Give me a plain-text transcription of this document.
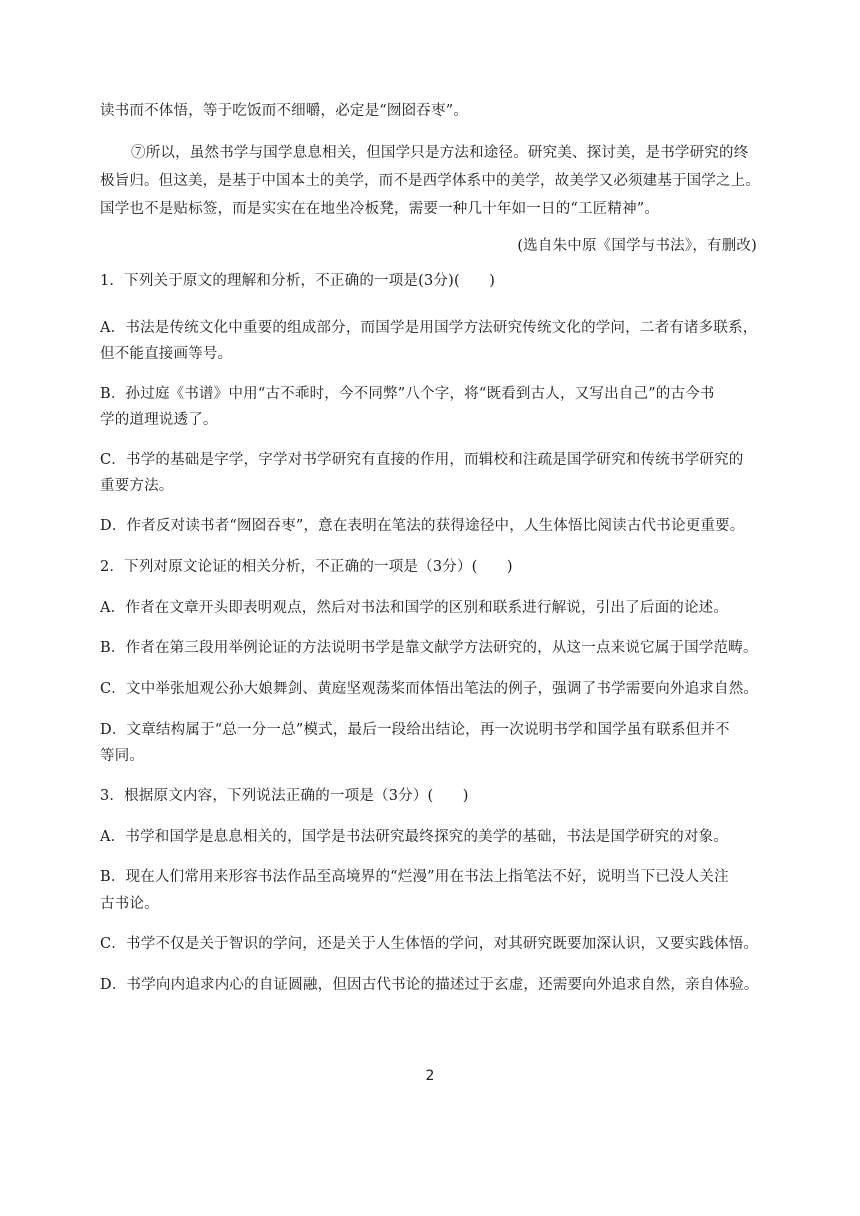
读书而不体悟，等于吃饭而不细嚼，必定是“囫囵吞枣”。
⑦所以，虽然书学与国学息息相关，但国学只是方法和途径。研究美、探讨美，是书学研究的终
极旨归。但这美，是基于中国本土的美学，而不是西学体系中的美学，故美学又必须建基于国学之上。
国学也不是贴标签，而是实实在在地坐冷板凳，需要一种几十年如一日的“工匠精神”。
(选自朱中原《国学与书法》，有删改)
1．下列关于原文的理解和分析，不正确的一项是(3分)(　　)
A．书法是传统文化中重要的组成部分，而国学是用国学方法研究传统文化的学问，二者有诸多联系，
但不能直接画等号。
B．孙过庭《书谱》中用“古不乖时，今不同弊”八个字，将“既看到古人，又写出自己”的古今书
学的道理说透了。
C．书学的基础是字学，字学对书学研究有直接的作用，而辑校和注疏是国学研究和传统书学研究的
重要方法。
D．作者反对读书者“囫囵吞枣”，意在表明在笔法的获得途径中，人生体悟比阅读古代书论更重要。
2．下列对原文论证的相关分析，不正确的一项是（3分）(　　)
A．作者在文章开头即表明观点，然后对书法和国学的区别和联系进行解说，引出了后面的论述。
B．作者在第三段用举例论证的方法说明书学是靠文献学方法研究的，从这一点来说它属于国学范畴。
C．文中举张旭观公孙大娘舞剑、黄庭坚观荡桨而体悟出笔法的例子，强调了书学需要向外追求自然。
D．文章结构属于“总一分一总”模式，最后一段给出结论，再一次说明书学和国学虽有联系但并不
等同。
3．根据原文内容，下列说法正确的一项是（3分）(　　)
A．书学和国学是息息相关的，国学是书法研究最终探究的美学的基础，书法是国学研究的对象。
B．现在人们常用来形容书法作品至高境界的“烂漫”用在书法上指笔法不好，说明当下已没人关注
古书论。
C．书学不仅是关于智识的学问，还是关于人生体悟的学问，对其研究既要加深认识，又要实践体悟。
D．书学向内追求内心的自证圆融，但因古代书论的描述过于玄虚，还需要向外追求自然，亲自体验。
2
